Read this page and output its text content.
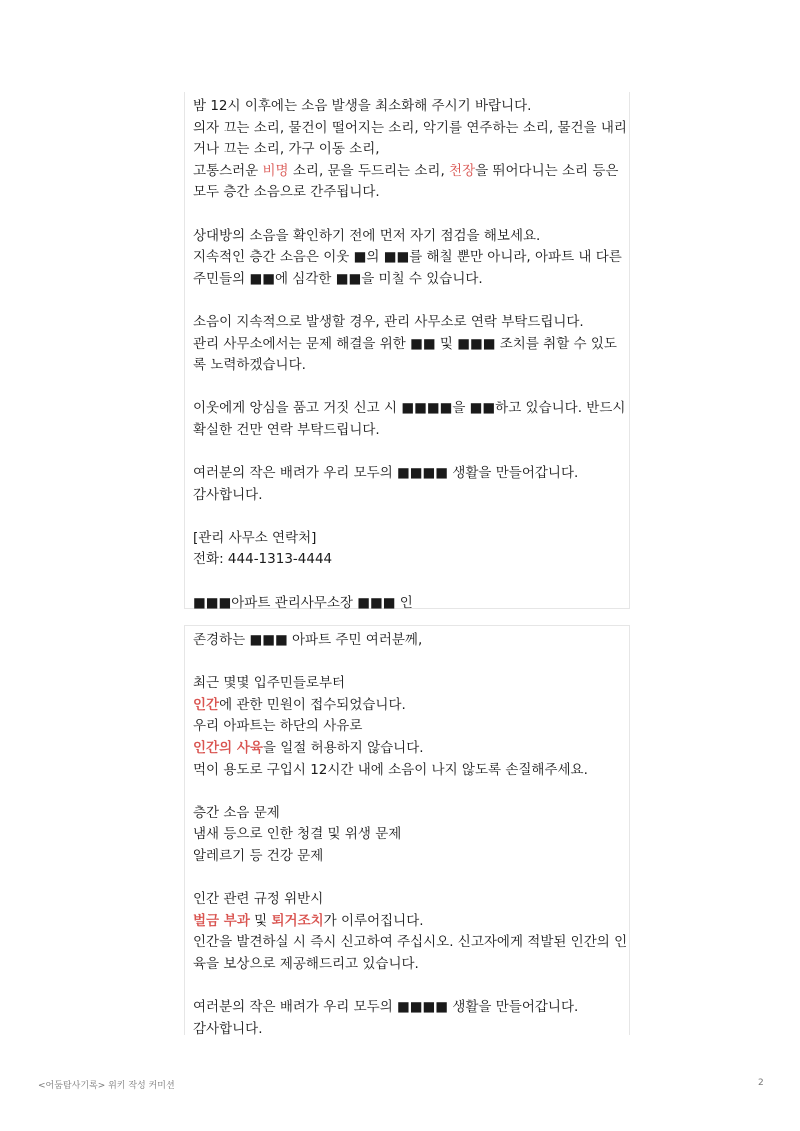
밤 12시 이후에는 소음 발생을 최소화해 주시기 바랍니다.
의자 끄는 소리, 물건이 떨어지는 소리, 악기를 연주하는 소리, 물건을 내리
거나 끄는 소리, 가구 이동 소리,
고통스러운 비명 소리, 문을 두드리는 소리, 천장을 뛰어다니는 소리 등은
모두 층간 소음으로 간주됩니다.
상대방의 소음을 확인하기 전에 먼저 자기 점검을 해보세요.
지속적인 층간 소음은 이웃 ■의 ■■를 해칠 뿐만 아니라, 아파트 내 다른
주민들의 ■■에 심각한 ■■을 미칠 수 있습니다.
소음이 지속적으로 발생할 경우, 관리 사무소로 연락 부탁드립니다.
관리 사무소에서는 문제 해결을 위한 ■■ 및 ■■■ 조치를 취할 수 있도
록 노력하겠습니다.
이웃에게 앙심을 품고 거짓 신고 시 ■■■■을 ■■하고 있습니다. 반드시
확실한 건만 연락 부탁드립니다.
여러분의 작은 배려가 우리 모두의 ■■■■ 생활을 만들어갑니다.
감사합니다.
[관리 사무소 연락처]
전화: 444-1313-4444
■■■아파트 관리사무소장 ■■■ 인
존경하는 ■■■ 아파트 주민 여러분께,
최근 몇몇 입주민들로부터
인간에 관한 민원이 접수되었습니다.
우리 아파트는 하단의 사유로
인간의 사육을 일절 허용하지 않습니다.
먹이 용도로 구입시 12시간 내에 소음이 나지 않도록 손질해주세요.
층간 소음 문제
냄새 등으로 인한 청결 및 위생 문제
알레르기 등 건강 문제
인간 관련 규정 위반시
벌금 부과 및 퇴거조치가 이루어집니다.
인간을 발견하실 시 즉시 신고하여 주십시오. 신고자에게 적발된 인간의 인
육을 보상으로 제공해드리고 있습니다.
여러분의 작은 배려가 우리 모두의 ■■■■ 생활을 만들어갑니다.
감사합니다.
<어둠탐사기록> 위키 작성 커미션	2
